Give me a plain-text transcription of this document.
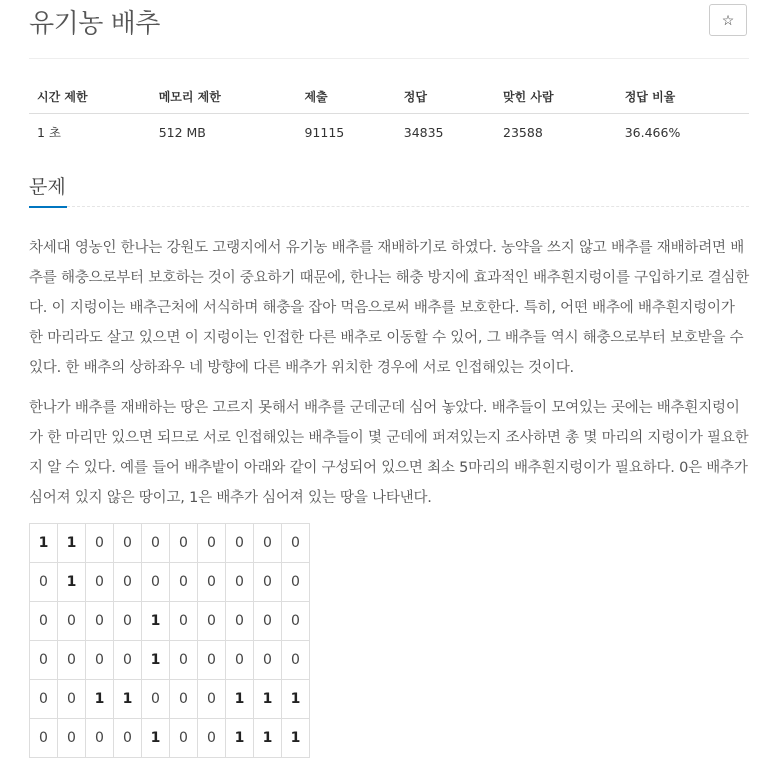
유기농 배추	☆
시간 제한	메모리 제한	제출	정답	맞힌 사람	정답 비율
1 초	512 MB	91115	34835	23588	36.466%
문제

차세대 영농인 한나는 강원도 고랭지에서 유기농 배추를 재배하기로 하였다. 농약을 쓰지 않고 배추를 재배하려면 배추를 해충으로부터 보호하는 것이 중요하기 때문에, 한나는 해충 방지에 효과적인 배추흰지렁이를 구입하기로 결심한다. 이 지렁이는 배추근처에 서식하며 해충을 잡아 먹음으로써 배추를 보호한다. 특히, 어떤 배추에 배추흰지렁이가 한 마리라도 살고 있으면 이 지렁이는 인접한 다른 배추로 이동할 수 있어, 그 배추들 역시 해충으로부터 보호받을 수 있다. 한 배추의 상하좌우 네 방향에 다른 배추가 위치한 경우에 서로 인접해있는 것이다.

한나가 배추를 재배하는 땅은 고르지 못해서 배추를 군데군데 심어 놓았다. 배추들이 모여있는 곳에는 배추흰지렁이가 한 마리만 있으면 되므로 서로 인접해있는 배추들이 몇 군데에 퍼져있는지 조사하면 총 몇 마리의 지렁이가 필요한지 알 수 있다. 예를 들어 배추밭이 아래와 같이 구성되어 있으면 최소 5마리의 배추흰지렁이가 필요하다. 0은 배추가 심어져 있지 않은 땅이고, 1은 배추가 심어져 있는 땅을 나타낸다.

1	1	0	0	0	0	0	0	0	0
0	1	0	0	0	0	0	0	0	0
0	0	0	0	1	0	0	0	0	0
0	0	0	0	1	0	0	0	0	0
0	0	1	1	0	0	0	1	1	1
0	0	0	0	1	0	0	1	1	1
